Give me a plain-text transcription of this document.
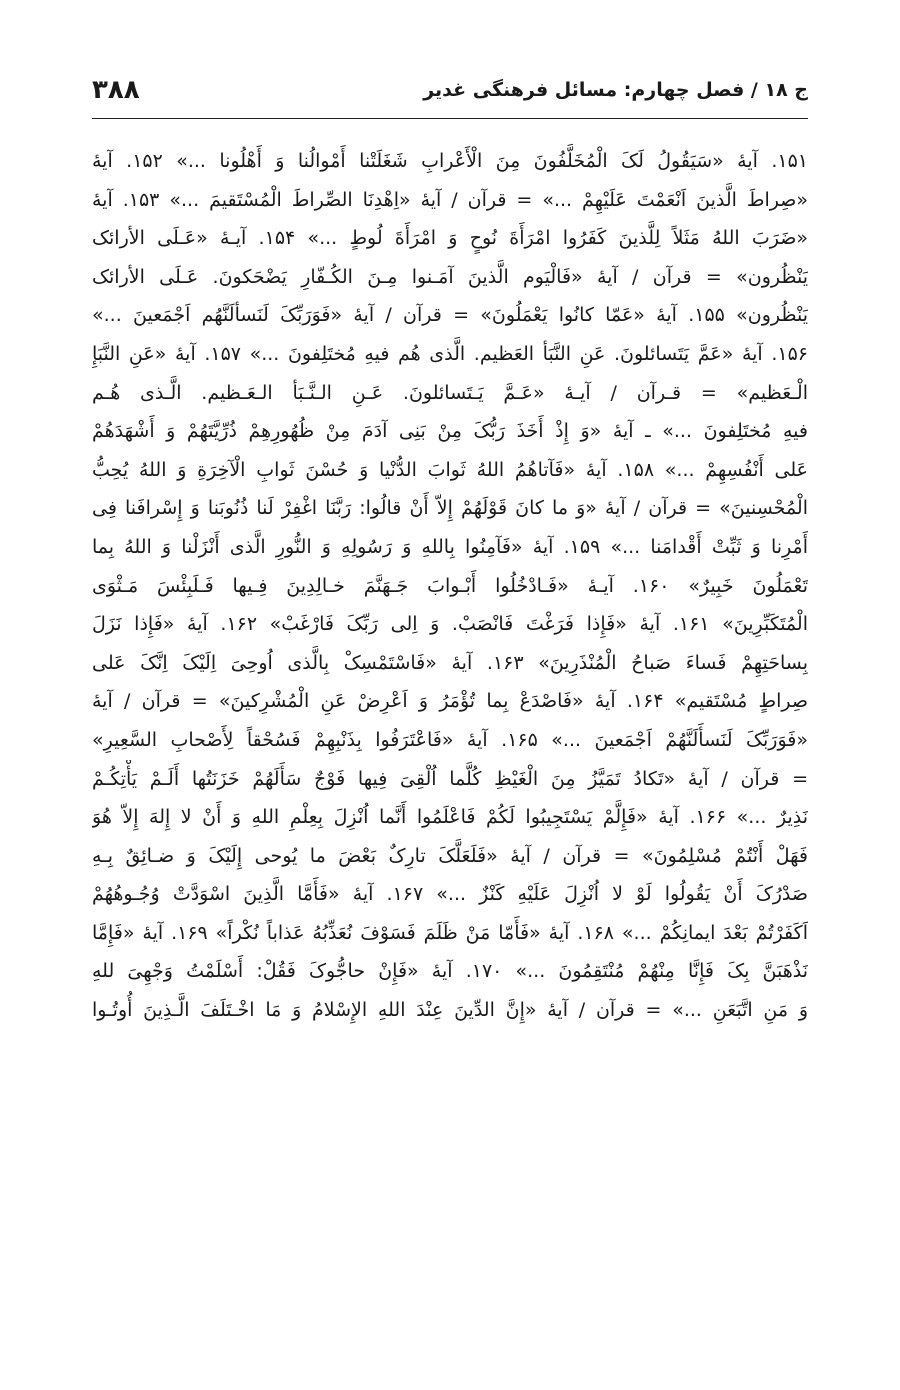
ج ۱۸ / فصل چهارم: مسائل فرهنگی غدیر
۳۸۸
۱۵۱. آیهٔ «سَیَقُولُ لَکَ الْمُخَلَّفُونَ مِنَ الْأَعْرابِ شَغَلَتْنا أَمْوالُنا وَ أَهْلُونا ...» ۱۵۲. آیهٔ
«صِراطَ الَّذینَ اَنْعَمْتَ عَلَیْهِمْ ...» = قرآن / آیهٔ «اِهْدِنَا الصِّراطَ الْمُسْتَقیمَ ...» ۱۵۳. آیهٔ
«ضَرَبَ اللهُ مَثَلاً لِلَّذینَ کَفَرُوا امْرَأَةَ نُوحٍ وَ امْرَأَةَ لُوطٍ ...» ۱۵۴. آیـهٔ «عَـلَی الأرائک
یَنْظُرون» = قرآن / آیهٔ «فَالْیَوم الَّذینَ آمَـنوا مِـنَ الکُـفّارِ یَضْحَکونَ. عَـلَی الأرائک
یَنْظُرون» ۱۵۵. آیهٔ «عَمّا کانُوا یَعْمَلُونَ» = قرآن / آیهٔ «فَوَرَبِّکَ لَنَسألَنَّهُم اَجْمَعینَ ...»
۱۵۶. آیهٔ «عَمَّ یَتَسائلونَ. عَنِ النَّبَأ العَظیم. الَّذی هُم فیهِ مُختَلِفونَ ...» ۱۵۷. آیهٔ «عَنِ النَّبَإِ
الْـعَظیم» = قـرآن / آیـهٔ «عَـمَّ یَـتَسائلونَ. عَـنِ الـنَّـبَأ الـعَـظیم. الَّـذی هُـم
فیهِ مُختَلِفونَ ...» ـ آیهٔ «وَ إِذْ أَخَذَ رَبُّکَ مِنْ بَنِی آدَمَ مِنْ ظُهُورِهِمْ ذُرِّیَّتَهُمْ وَ أَشْهَدَهُمْ
عَلی أَنْفُسِهِمْ ...» ۱۵۸. آیهٔ «فَآتاهُمُ اللهُ ثَوابَ الدُّنْیا وَ حُسْنَ ثَوابِ الْآخِرَةِ وَ اللهُ یُحِبُّ
الْمُحْسِنینَ» = قرآن / آیهٔ «وَ ما کانَ قَوْلَهُمْ إِلاّ أَنْ قالُوا: رَبَّنَا اغْفِرْ لَنا ذُنُوبَنا وَ إِسْرافَنا فِی
أَمْرِنا وَ ثَبِّتْ أَقْدامَنا ...» ۱۵۹. آیهٔ «فَآمِنُوا بِاللهِ وَ رَسُولِهِ وَ النُّورِ الَّذی أَنْزَلْنا وَ اللهُ بِما
تَعْمَلُونَ خَبِیرٌ» ۱۶۰. آیـهٔ «فَـادْخُلُوا أَبْـوابَ جَـهَنَّمَ خـالِدِینَ فِـیها فَـلَبِئْسَ مَـثْوَی
الْمُتَکَبِّرِینَ» ۱۶۱. آیهٔ «فَإِذا فَرَغْتَ فَانْصَبْ. وَ اِلی رَبِّکَ فَارْغَبْ» ۱۶۲. آیهٔ «فَإِذا نَزَلَ
بِساحَتِهِمْ فَساءَ صَباحُ الْمُنْذَرِینَ» ۱۶۳. آیهٔ «فَاسْتَمْسِکْ بِالَّذی اُوحِیَ اِلَیْکَ اِنَّکَ عَلی
صِراطٍ مُسْتَقیم» ۱۶۴. آیهٔ «فَاصْدَعْ بِما تُؤْمَرُ وَ اَعْرِضْ عَنِ الْمُشْرِکینَ» = قرآن / آیهٔ
«فَوَرَبِّکَ لَنَسأَلَنَّهُمْ اَجْمَعینَ ...» ۱۶۵. آیهٔ «فَاعْتَرَفُوا بِذَنْبِهِمْ فَسُحْقاً لِأَصْحابِ السَّعِیرِ»
= قرآن / آیهٔ «تَکادُ تَمَیَّزُ مِنَ الْغَیْظِ کُلَّما اُلْقِیَ فِیها فَوْجٌ سَأَلَهُمْ خَزَنَتُها أَلَـمْ یَأْتِکُـمْ
نَذِیرٌ ...» ۱۶۶. آیهٔ «فَإِلَّمْ یَسْتَجِیبُوا لَکُمْ فَاعْلَمُوا أَنَّما اُنْزِلَ بِعِلْمِ اللهِ وَ أَنْ لا إِلهَ إِلاّ هُوَ
فَهَلْ أَنْتُمْ مُسْلِمُونَ» = قرآن / آیهٔ «فَلَعَلَّکَ تارِکٌ بَعْضَ ما یُوحی إِلَیْکَ وَ ضـائِقٌ بِـهِ
صَدْرُکَ أَنْ یَقُولُوا لَوْ لا اُنْزِلَ عَلَیْهِ کَنْزٌ ...» ۱۶۷. آیهٔ «فَأَمَّا الَّذِینَ اسْوَدَّتْ وُجُـوهُهُمْ
اَکَفَرْتُمْ بَعْدَ ایمانِکُمْ ...» ۱۶۸. آیهٔ «فَأَمّا مَنْ ظَلَمَ فَسَوْفَ نُعَذِّبُهُ عَذاباً نُکْراً» ۱۶۹. آیهٔ «فَإِمَّا
نَذْهَبَنَّ بِکَ فَإِنَّا مِنْهُمْ مُنْتَقِمُونَ ...» ۱۷۰. آیهٔ «فَإِنْ حاجُّوکَ فَقُلْ: أَسْلَمْتُ وَجْهِیَ للهِ
وَ مَنِ اتَّبَعَنِ ...» = قرآن / آیهٔ «إِنَّ الدِّینَ عِنْدَ اللهِ الإِسْلامُ وَ مَا اخْـتَلَفَ الَّـذِینَ أُوتُـوا
